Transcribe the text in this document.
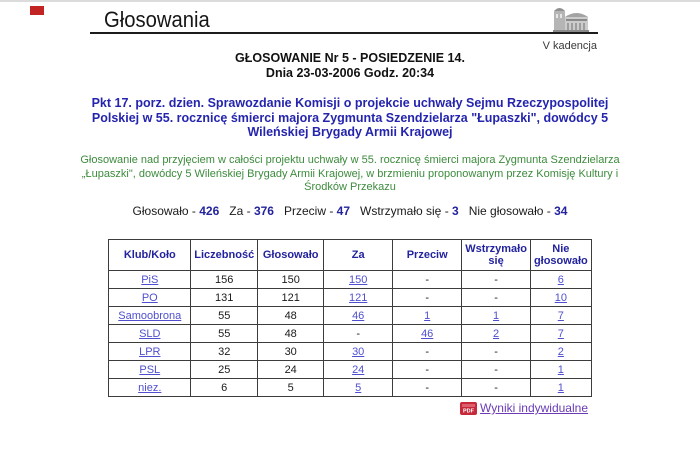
Głosowania
V kadencja
GŁOSOWANIE Nr 5 - POSIEDZENIE 14.
Dnia 23-03-2006 Godz. 20:34
Pkt 17. porz. dzien. Sprawozdanie Komisji o projekcie uchwały Sejmu Rzeczypospolitej Polskiej w 55. rocznicę śmierci majora Zygmunta Szendzielarza "Łupaszki", dowódcy 5 Wileńskiej Brygady Armii Krajowej
Głosowanie nad przyjęciem w całości projektu uchwały w 55. rocznicę śmierci majora Zygmunta Szendzielarza „Łupaszki", dowódcy 5 Wileńskiej Brygady Armii Krajowej, w brzmieniu proponowanym przez Komisję Kultury i Środków Przekazu
Głosowało - 426 Za - 376 Przeciw - 47 Wstrzymało się - 3 Nie głosowało - 34
Klub/Koło	Liczebność	Głosowało	Za	Przeciw	Wstrzymało się	Nie głosowało
PiS	156	150	150	-	-	6
PO	131	121	121	-	-	10
Samoobrona	55	48	46	1	1	7
SLD	55	48	-	46	2	7
LPR	32	30	30	-	-	2
PSL	25	24	24	-	-	1
niez.	6	5	5	-	-	1
PDF Wyniki indywidualne
